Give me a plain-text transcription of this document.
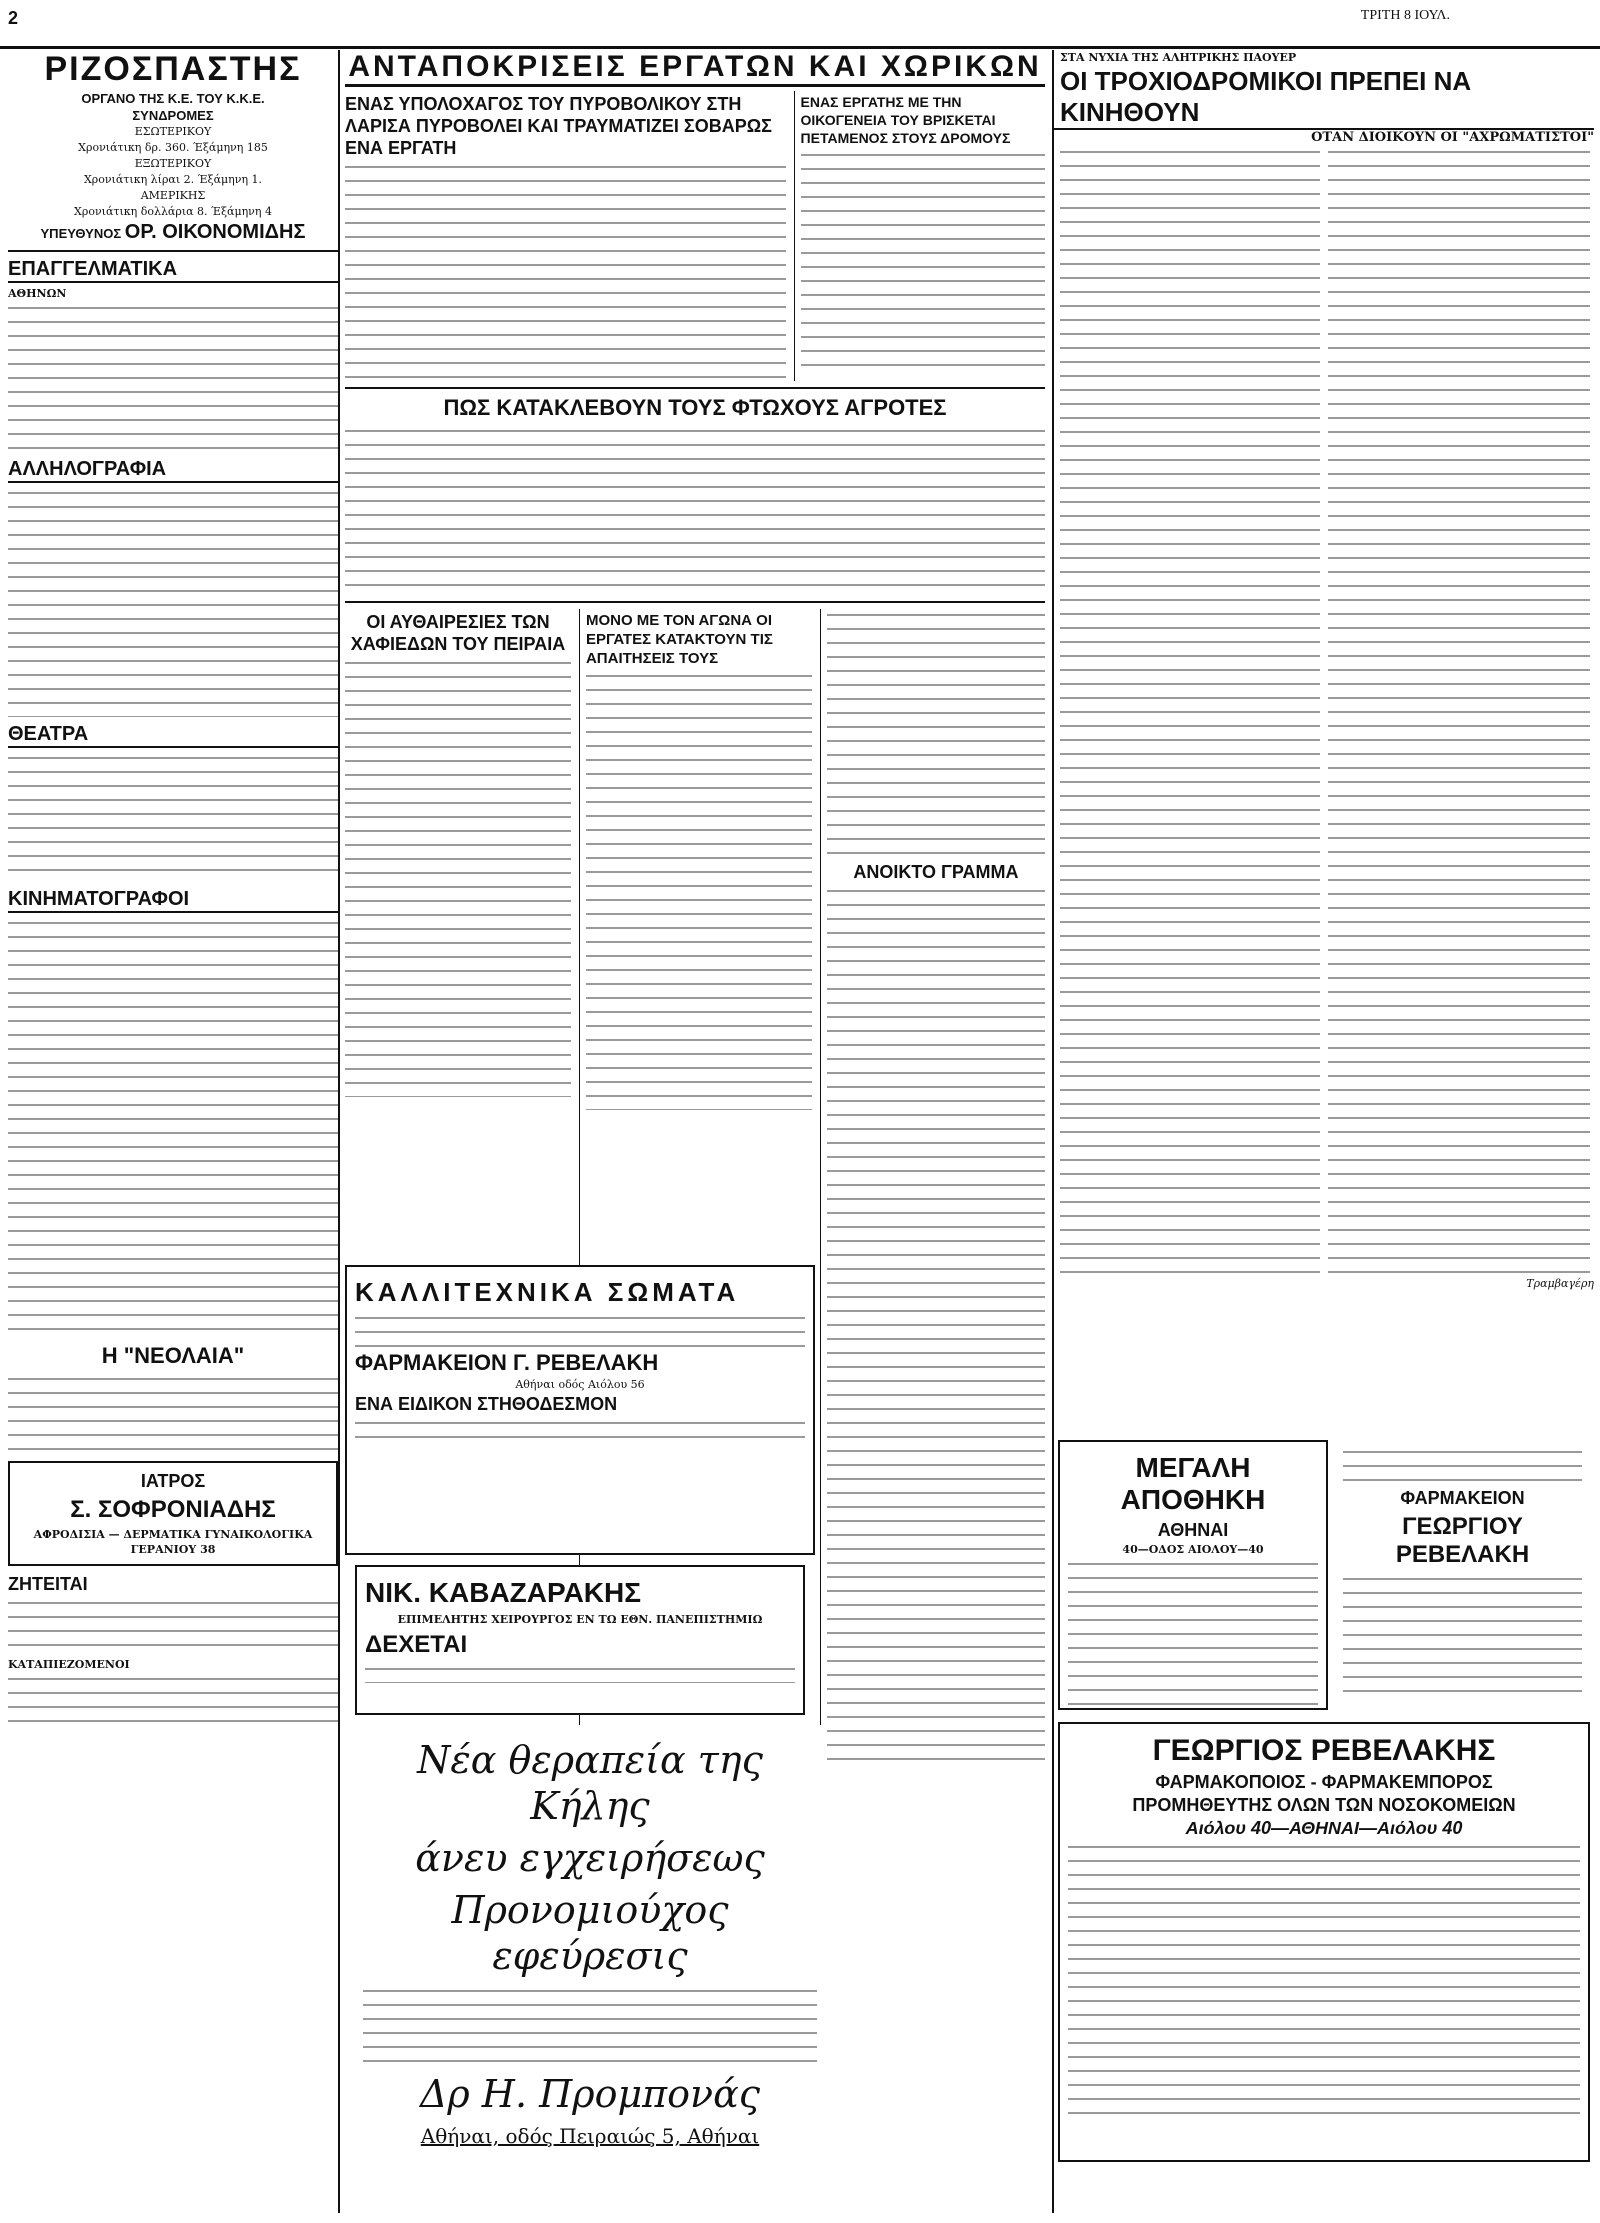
2	ΤΡΙΤΗ 8 ΙΟΥΛ.
ΡΙΖΟΣΠΑΣΤΗΣ

ΟΡΓΑΝΟ ΤΗΣ Κ.Ε. ΤΟΥ Κ.Κ.Ε.

ΣΥΝΔΡΟΜΕΣ

ΕΣΩΤΕΡΙΚΟΥ

Χρονιάτικη δρ. 360. Έξάμηνη 185

ΕΞΩΤΕΡΙΚΟΥ

Χρονιάτικη λίραι 2. Έξάμηνη 1.

ΑΜΕΡΙΚΗΣ

Χρονιάτικη δολλάρια 8. Έξάμηνη 4

ΥΠΕΥΘΥΝΟΣ ΟΡ. ΟΙΚΟΝΟΜΙΔΗΣ

ΕΠΑΓΓΕΛΜΑΤΙΚΑ
ΑΘΗΝΩΝ
ΑΛΛΗΛΟΓΡΑΦΙΑ
ΘΕΑΤΡΑ
ΚΙΝΗΜΑΤΟΓΡΑΦΟΙ
Η "ΝΕΟΛΑΙΑ"
ΙΑΤΡΟΣ
Σ. ΣΟΦΡΟΝΙΑΔΗΣ
ΑΦΡΟΔΙΣΙΑ — ΔΕΡΜΑΤΙΚΑ ΓΥΝΑΙΚΟΛΟΓΙΚΑ
ΓΕΡΑΝΙΟΥ 38
ΖΗΤΕΙΤΑΙ
ΚΑΤΑΠΙΕΖΟΜΕΝΟΙ
ΑΝΤΑΠΟΚΡΙΣΕΙΣ ΕΡΓΑΤΩΝ ΚΑΙ ΧΩΡΙΚΩΝ
ΕΝΑΣ ΥΠΟΛΟΧΑΓΟΣ ΤΟΥ ΠΥΡΟΒΟΛΙΚΟΥ ΣΤΗ ΛΑΡΙΣΑ ΠΥΡΟΒΟΛΕΙ ΚΑΙ ΤΡΑΥΜΑΤΙΖΕΙ ΣΟΒΑΡΩΣ ΕΝΑ ΕΡΓΑΤΗ
ΕΝΑΣ ΕΡΓΑΤΗΣ ΜΕ ΤΗΝ ΟΙΚΟΓΕΝΕΙΑ ΤΟΥ ΒΡΙΣΚΕΤΑΙ ΠΕΤΑΜΕΝΟΣ ΣΤΟΥΣ ΔΡΟΜΟΥΣ
ΠΩΣ ΚΑΤΑΚΛΕΒΟΥΝ ΤΟΥΣ ΦΤΩΧΟΥΣ ΑΓΡΟΤΕΣ
ΟΙ ΑΥΘΑΙΡΕΣΙΕΣ ΤΩΝ ΧΑΦΙΕΔΩΝ ΤΟΥ ΠΕΙΡΑΙΑ
ΜΟΝΟ ΜΕ ΤΟΝ ΑΓΩΝΑ ΟΙ ΕΡΓΑΤΕΣ ΚΑΤΑΚΤΟΥΝ ΤΙΣ ΑΠΑΙΤΗΣΕΙΣ ΤΟΥΣ
ΑΝΟΙΚΤΟ ΓΡΑΜΜΑ
ΚΑΛΛΙΤΕΧΝΙΚΑ ΣΩΜΑΤΑ
ΦΑΡΜΑΚΕΙΟΝ Γ. ΡΕΒΕΛΑΚΗ
Αθήναι οδός Αιόλου 56
ΕΝΑ ΕΙΔΙΚΟΝ ΣΤΗΘΟΔΕΣΜΟΝ
ΝΙΚ. ΚΑΒΑΖΑΡΑΚΗΣ
ΕΠΙΜΕΛΗΤΗΣ ΧΕΙΡΟΥΡΓΟΣ ΕΝ ΤΩ ΕΘΝ. ΠΑΝΕΠΙΣΤΗΜΙΩ
ΔΕΧΕΤΑΙ
Νέα θεραπεία της Κήλης
άνευ εγχειρήσεως
Προνομιούχος εφεύρεσις
Δρ Η. Προμπονάς
Αθήναι, οδός Πειραιώς 5, Αθήναι
ΣΤΑ ΝΥΧΙΑ ΤΗΣ ΑΛΗΤΡΙΚΗΣ ΠΑΟΥΕΡ
ΟΙ ΤΡΟΧΙΟΔΡΟΜΙΚΟΙ ΠΡΕΠΕΙ ΝΑ ΚΙΝΗΘΟΥΝ
ΟΤΑΝ ΔΙΟΙΚΟΥΝ ΟΙ "ΑΧΡΩΜΑΤΙΣΤΟΙ"
Τραμβαγέρη
ΜΕΓΑΛΗ ΑΠΟΘΗΚΗ
ΑΘΗΝΑΙ
40—ΟΔΟΣ ΑΙΟΛΟΥ—40
ΦΑΡΜΑΚΕΙΟΝ
ΓΕΩΡΓΙΟΥ ΡΕΒΕΛΑΚΗ
ΓΕΩΡΓΙΟΣ ΡΕΒΕΛΑΚΗΣ
ΦΑΡΜΑΚΟΠΟΙΟΣ - ΦΑΡΜΑΚΕΜΠΟΡΟΣ
ΠΡΟΜΗΘΕΥΤΗΣ ΟΛΩΝ ΤΩΝ ΝΟΣΟΚΟΜΕΙΩΝ
Αιόλου 40—ΑΘΗΝΑΙ—Αιόλου 40
